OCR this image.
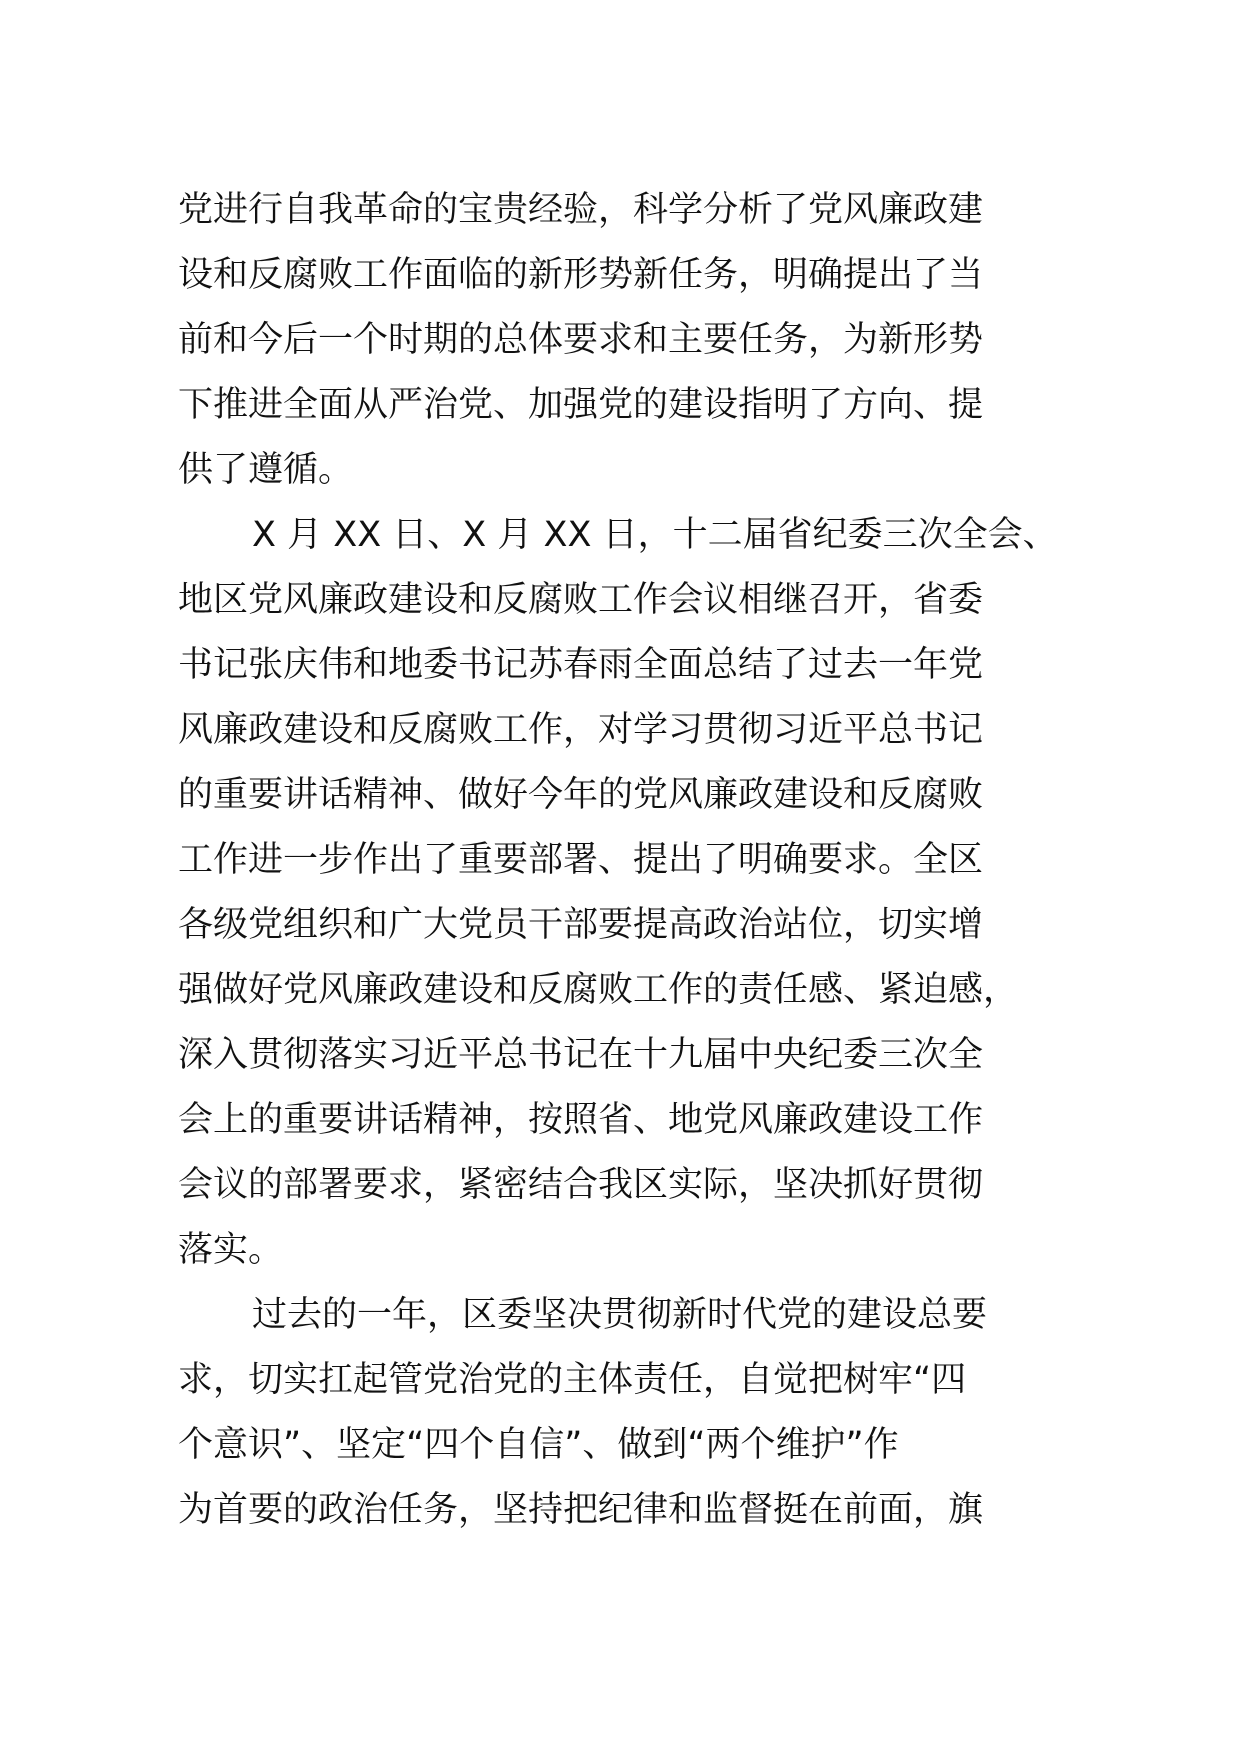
党进行自我革命的宝贵经验，科学分析了党风廉政建
设和反腐败工作面临的新形势新任务，明确提出了当
前和今后一个时期的总体要求和主要任务，为新形势
下推进全面从严治党、加强党的建设指明了方向、提
供了遵循。
X 月 XX 日、X 月 XX 日，十二届省纪委三次全会、
地区党风廉政建设和反腐败工作会议相继召开，省委
书记张庆伟和地委书记苏春雨全面总结了过去一年党
风廉政建设和反腐败工作，对学习贯彻习近平总书记
的重要讲话精神、做好今年的党风廉政建设和反腐败
工作进一步作出了重要部署、提出了明确要求。全区
各级党组织和广大党员干部要提高政治站位，切实增
强做好党风廉政建设和反腐败工作的责任感、紧迫感，
深入贯彻落实习近平总书记在十九届中央纪委三次全
会上的重要讲话精神，按照省、地党风廉政建设工作
会议的部署要求，紧密结合我区实际，坚决抓好贯彻
落实。
过去的一年，区委坚决贯彻新时代党的建设总要
求，切实扛起管党治党的主体责任，自觉把树牢“四
个意识”、坚定“四个自信”、做到“两个维护”作
为首要的政治任务，坚持把纪律和监督挺在前面，旗
